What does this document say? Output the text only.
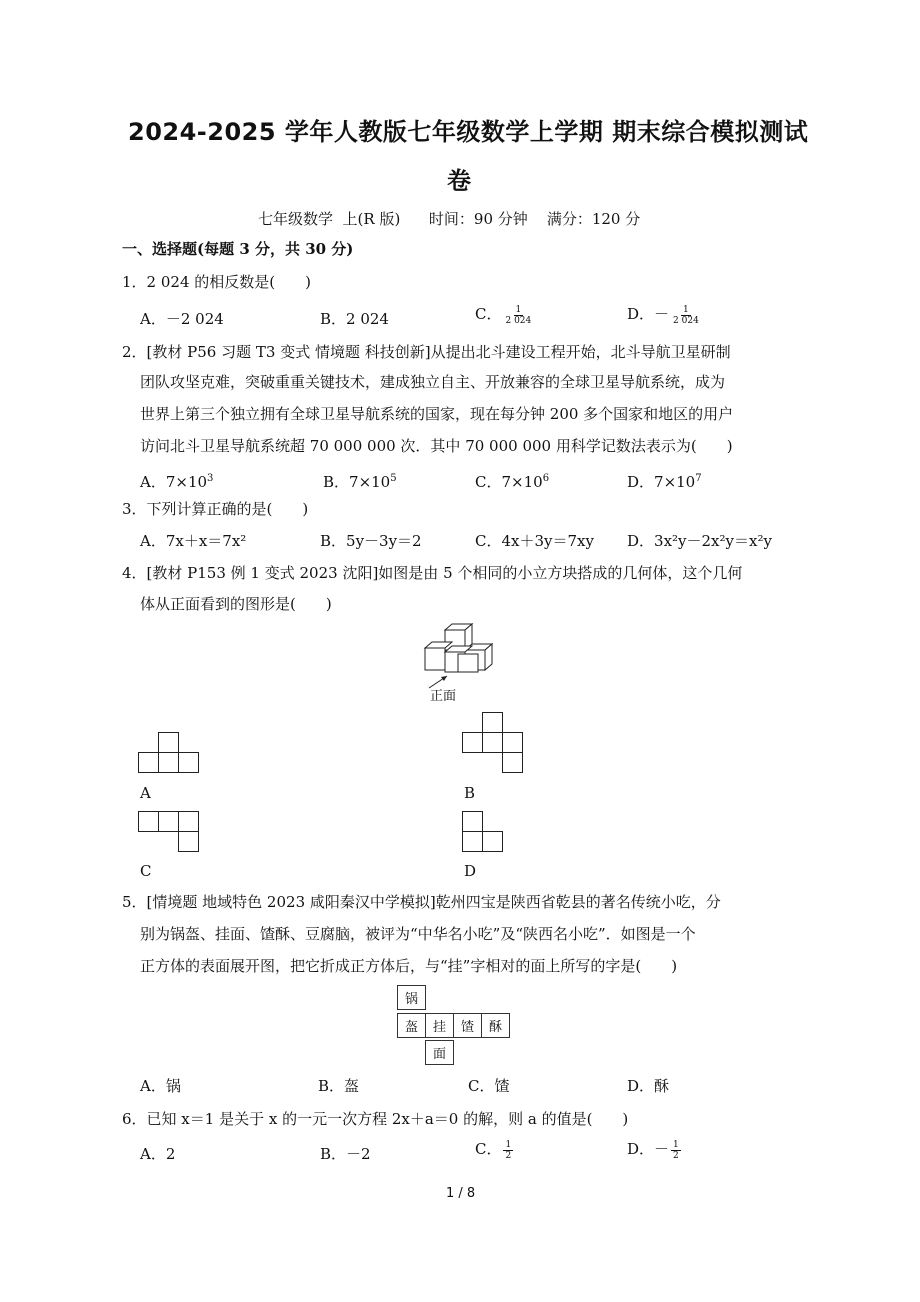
2024-2025 学年人教版七年级数学上学期 期末综合模拟测试
卷
七年级数学  上(R 版)      时间：90 分钟    满分：120 分
一、选择题(每题 3 分，共 30 分)
1．2 024 的相反数是(　　)
A．－2 024	B．2 024	C． $\frac{1}{2 024}$	D．－ $\frac{1}{2 024}$
2．[教材 P56 习题 T3 变式 情境题 科技创新]从提出北斗建设工程开始，北斗导航卫星研制
团队攻坚克难，突破重重关键技术，建成独立自主、开放兼容的全球卫星导航系统，成为
世界上第三个独立拥有全球卫星导航系统的国家，现在每分钟 200 多个国家和地区的用户
访问北斗卫星导航系统超 70 000 000 次．其中 70 000 000 用科学记数法表示为(　　)
A．$7\times 10^3$	B．$7\times 10^5$	C．$7\times 10^6$	D．$7\times 10^7$
3．下列计算正确的是(　　)
A．7x＋x＝7x²	B．5y－3y＝2	C．4x＋3y＝7xy D．3x²y－2x²y＝x²y
4．[教材 P153 例 1 变式 2023 沈阳]如图是由 5 个相同的小立方块搭成的几何体，这个几何
体从正面看到的图形是(　　)
正面
A	B
C	D
5．[情境题 地域特色 2023 咸阳秦汉中学模拟]乾州四宝是陕西省乾县的著名传统小吃，分
别为锅盔、挂面、馇酥、豆腐脑，被评为“中华名小吃”及“陕西名小吃”．如图是一个
正方体的表面展开图，把它折成正方体后，与“挂”字相对的面上所写的字是(　　)
锅
盔	挂	馇	酥
面
A．锅	B．盔	C．馇	D．酥
6．已知 x＝1 是关于 x 的一元一次方程 2x＋a＝0 的解，则 a 的值是(　　)
A．2	B．－2	C． $\frac{1}{2}$	D．－ $\frac{1}{2}$
1 / 8
